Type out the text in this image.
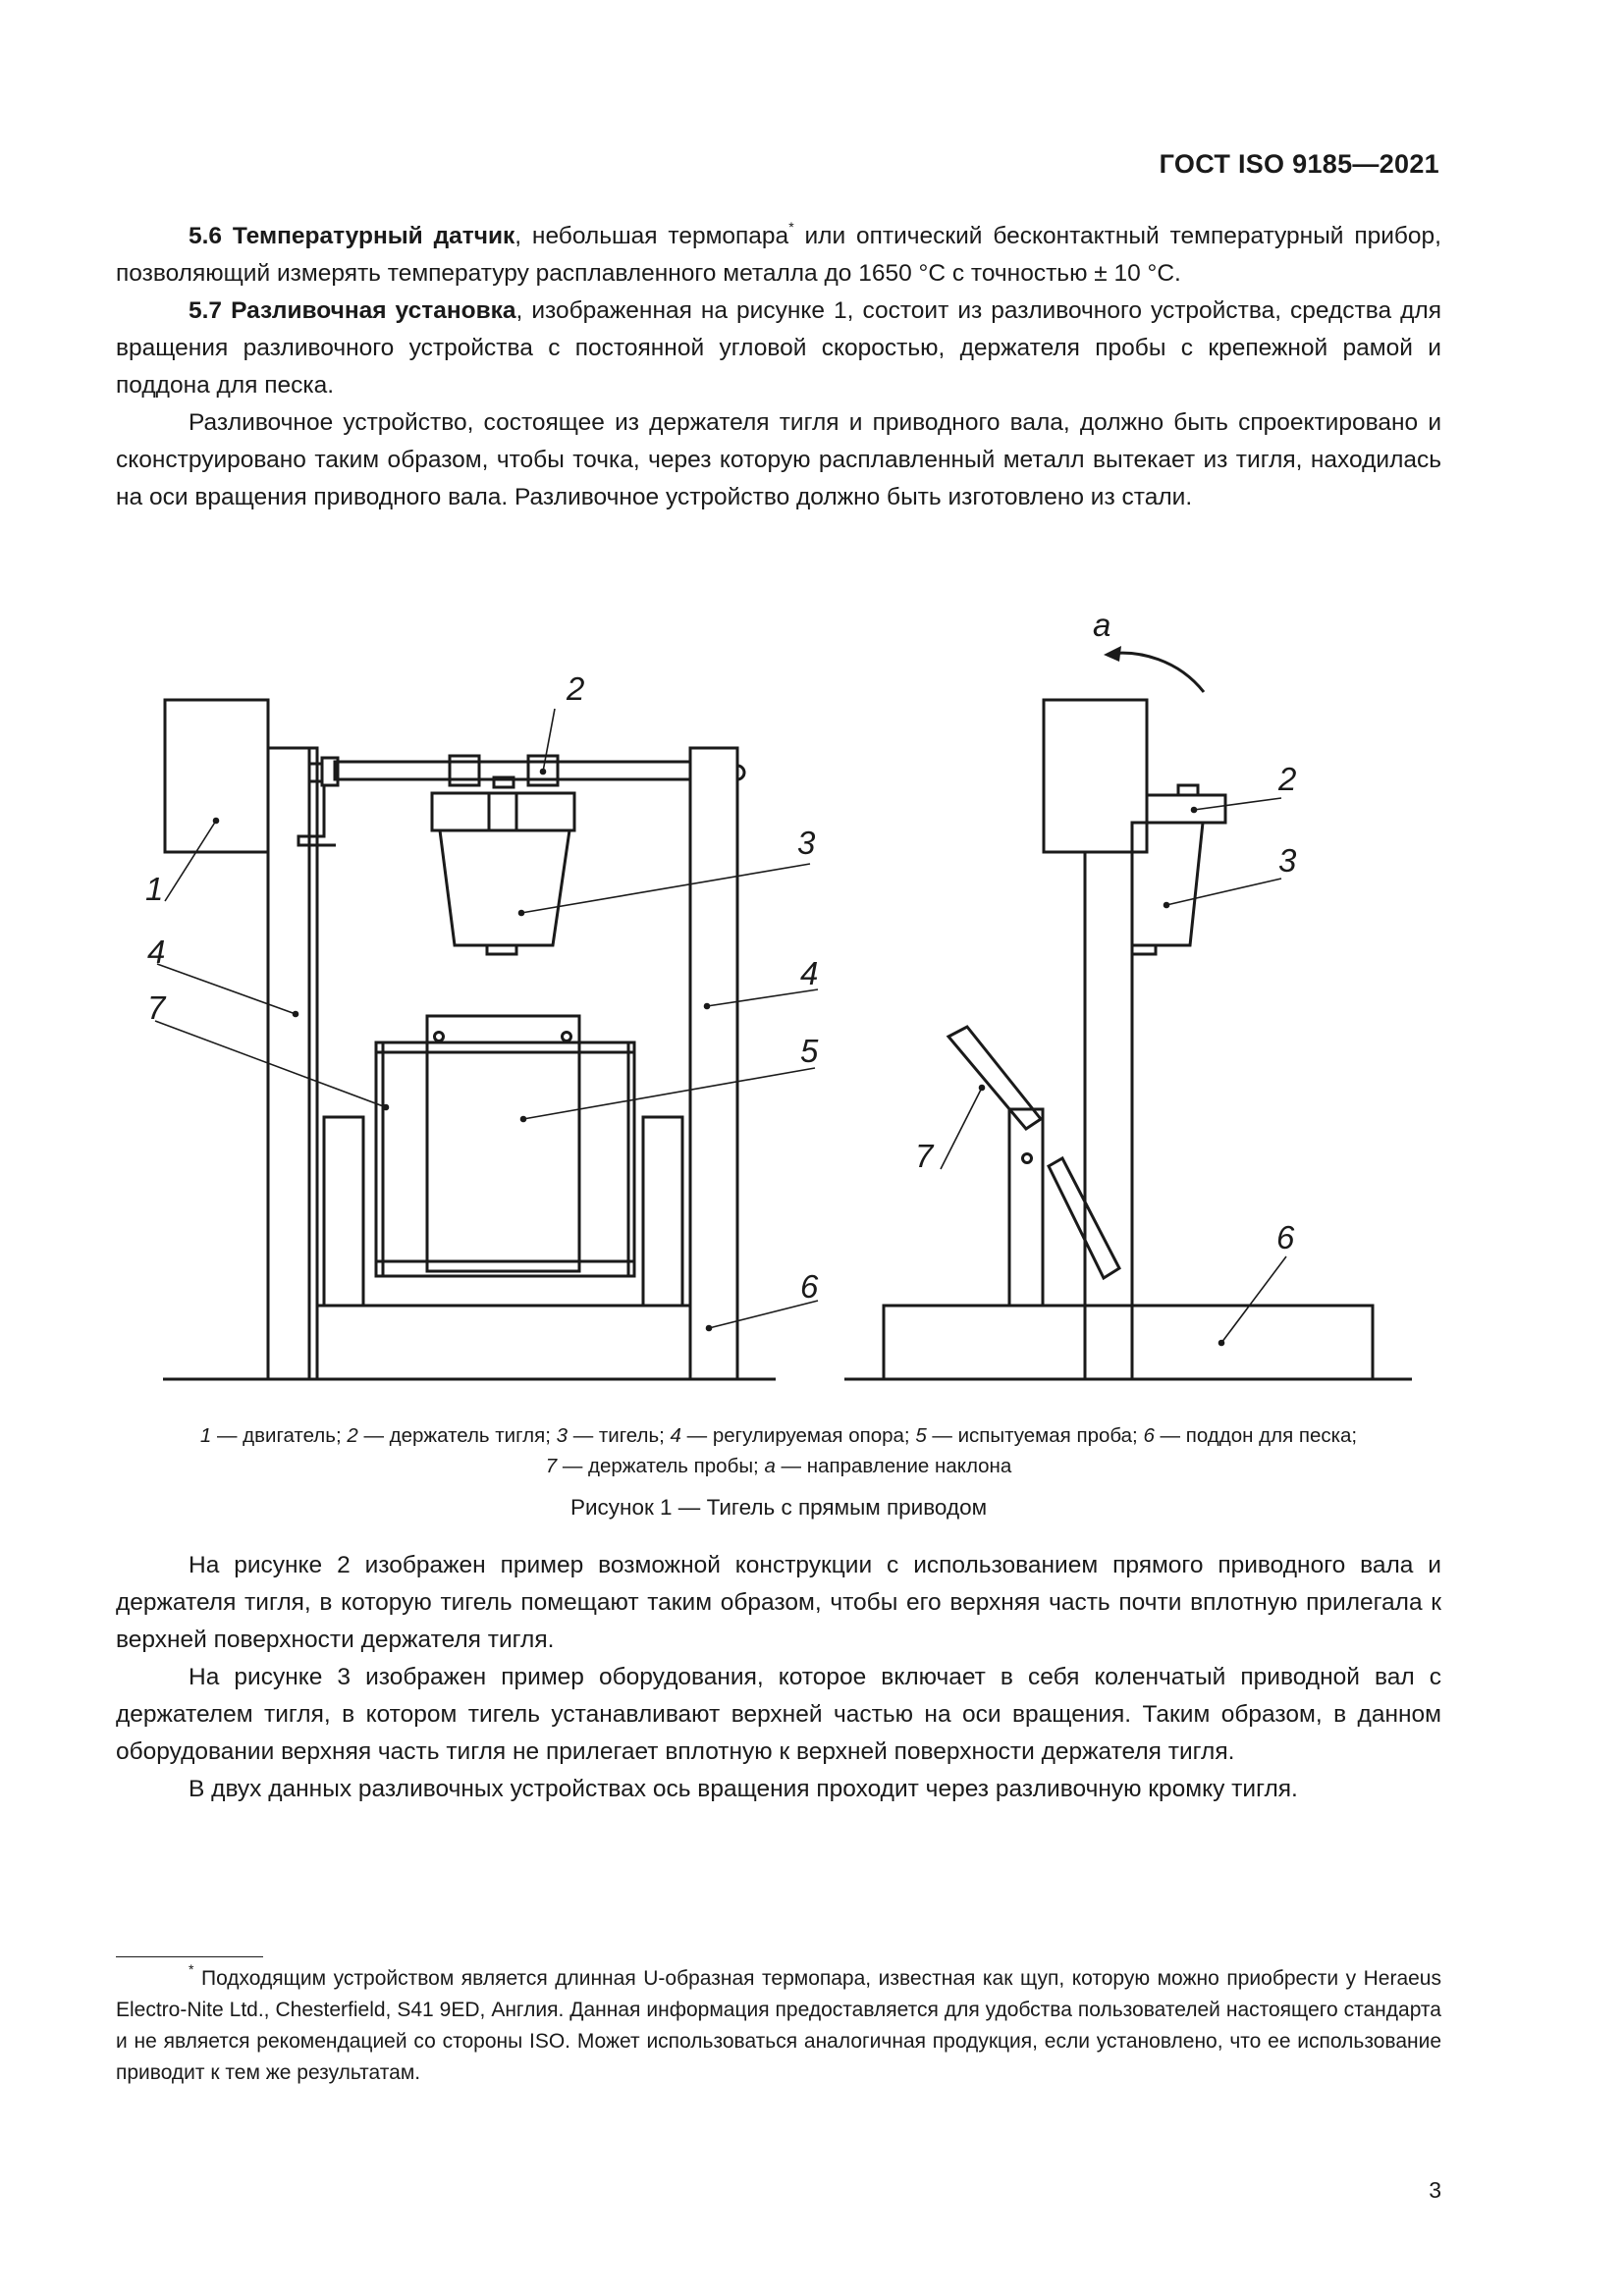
ГОСТ ISO 9185—2021

5.6 Температурный датчик, небольшая термопара* или оптический бесконтактный температурный прибор, позволяющий измерять температуру расплавленного металла до 1650 °C с точностью ± 10 °C.

5.7 Разливочная установка, изображенная на рисунке 1, состоит из разливочного устройства, средства для вращения разливочного устройства с постоянной угловой скоростью, держателя пробы с крепежной рамой и поддона для песка.

Разливочное устройство, состоящее из держателя тигля и приводного вала, должно быть спроектировано и сконструировано таким образом, чтобы точка, через которую расплавленный металл вытекает из тигля, находилась на оси вращения приводного вала. Разливочное устройство должно быть изготовлено из стали.

1
2
3
4
4
7
5
6
a
2
3
7
6
1 — двигатель; 2 — держатель тигля; 3 — тигель; 4 — регулируемая опора; 5 — испытуемая проба; 6 — поддон для песка;
7 — держатель пробы; a — направление наклона
Рисунок 1 — Тигель с прямым приводом

На рисунке 2 изображен пример возможной конструкции с использованием прямого приводного вала и держателя тигля, в которую тигель помещают таким образом, чтобы его верхняя часть почти вплотную прилегала к верхней поверхности держателя тигля.

На рисунке 3 изображен пример оборудования, которое включает в себя коленчатый приводной вал с держателем тигля, в котором тигель устанавливают верхней частью на оси вращения. Таким образом, в данном оборудовании верхняя часть тигля не прилегает вплотную к верхней поверхности держателя тигля.

В двух данных разливочных устройствах ось вращения проходит через разливочную кромку тигля.

* Подходящим устройством является длинная U-образная термопара, известная как щуп, которую можно приобрести у Heraeus Electro-Nite Ltd., Chesterfield, S41 9ED, Англия. Данная информация предоставляется для удобства пользователей настоящего стандарта и не является рекомендацией со стороны ISO. Может использоваться аналогичная продукция, если установлено, что ее использование приводит к тем же результатам.

3
